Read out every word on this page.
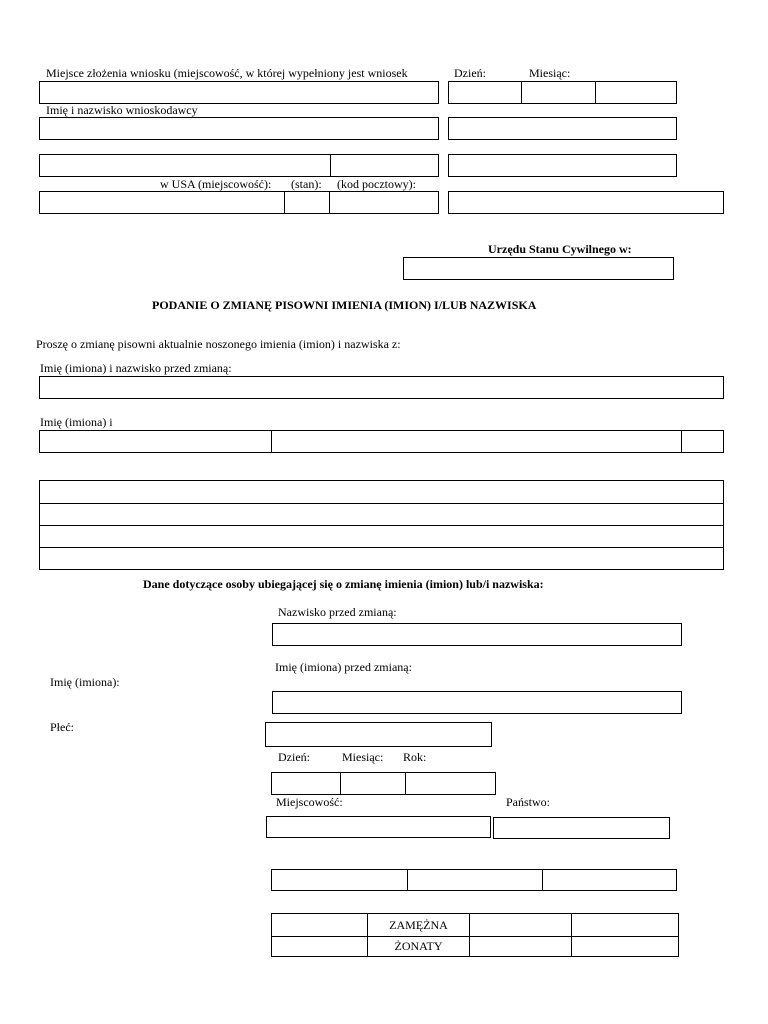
Miejsce złożenia wniosku (miejscowość, w której wypełniony jest wniosek	Dzień:	Miesiąc:
Imię i nazwisko wnioskodawcy
w USA (miejscowość): (stan): (kod pocztowy):
Urzędu Stanu Cywilnego w:
PODANIE O ZMIANĘ PISOWNI IMIENIA (IMION) I/LUB NAZWISKA
Proszę o zmianę pisowni aktualnie noszonego imienia (imion) i nazwiska z:
Imię (imiona) i nazwisko przed zmianą:
Imię (imiona) i
Dane dotyczące osoby ubiegającej się o zmianę imienia (imion) lub/i nazwiska:
Nazwisko przed zmianą:
Imię (imiona) przed zmianą:
Imię (imiona):
Płeć:
Dzień:	Miesiąc: Rok:
Miejscowość:	Państwo:
ZAMĘŻNA
ŻONATY
